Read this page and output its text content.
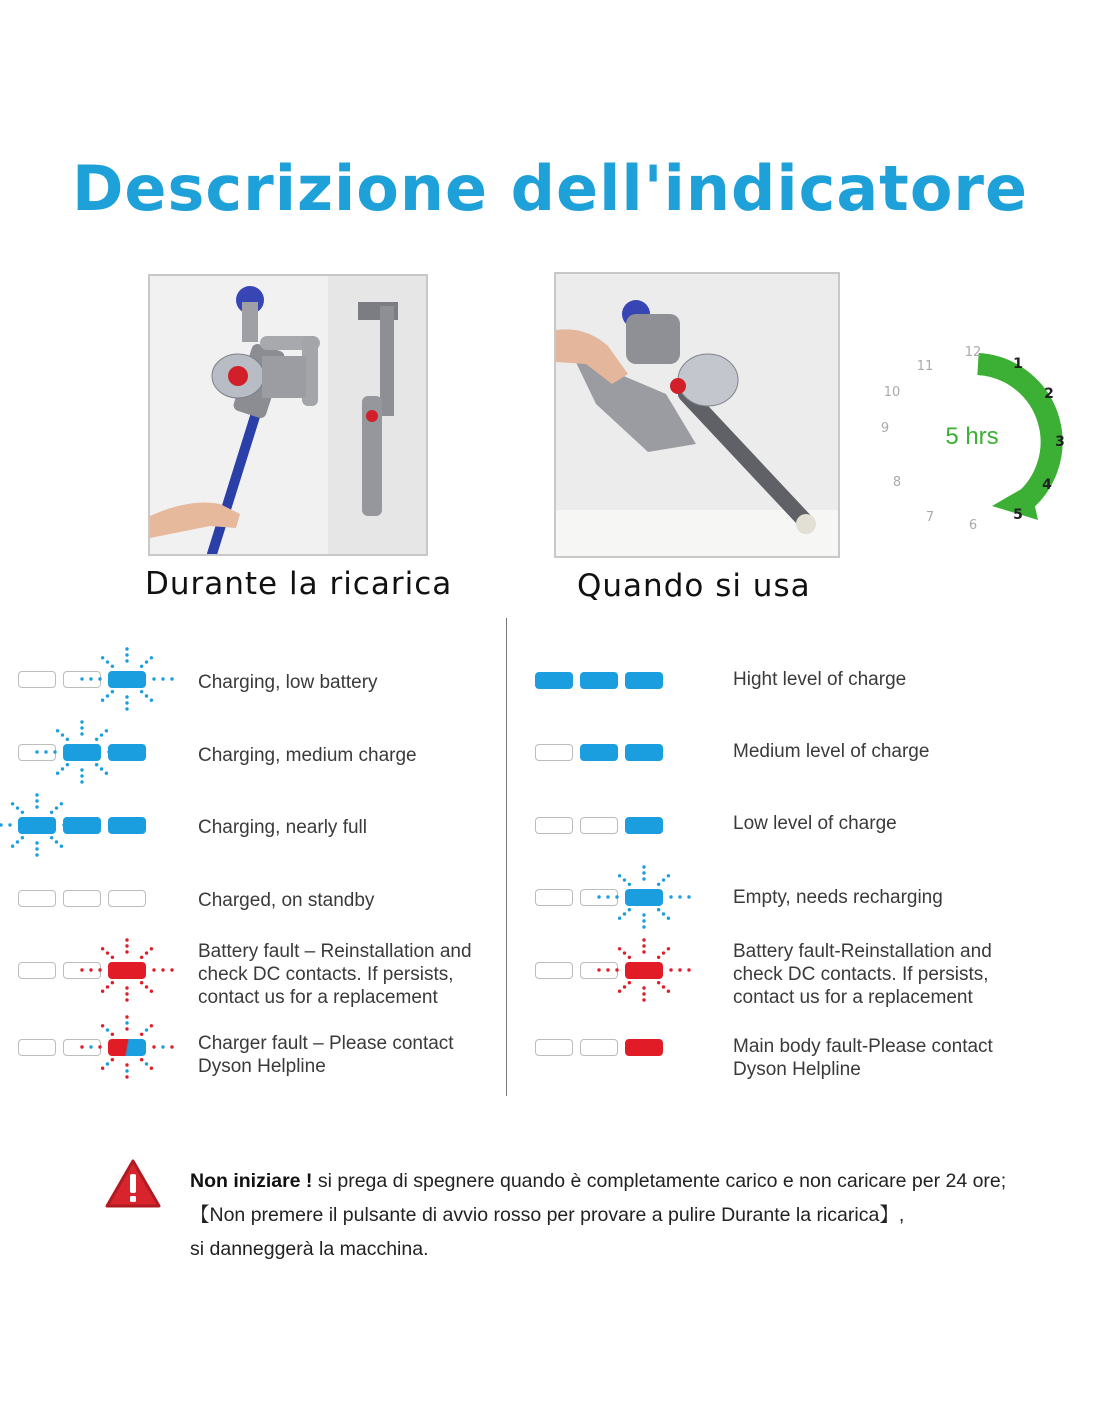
Descrizione dell'indicatore
Durante la ricarica	Quando si usa
12
1
2
3
4
5
6
7
8
9
10
11
5 hrs
Non iniziare ! si prega di spegnere quando è completamente carico e non caricare per 24 ore;
【Non premere il pulsante di avvio rosso per provare a pulire Durante la ricarica】,
si danneggerà la macchina.
Charging, low battery
Charging, medium charge
Charging, nearly full
Charged, on standby
Battery fault – Reinstallation and
check DC contacts. If persists,
contact us for a replacement
Charger fault – Please contact
Dyson Helpline
Hight level of charge
Medium level of charge
Low level of charge
Empty, needs recharging
Battery fault-Reinstallation and
check DC contacts. If persists,
contact us for a replacement
Main body fault-Please contact
Dyson Helpline
